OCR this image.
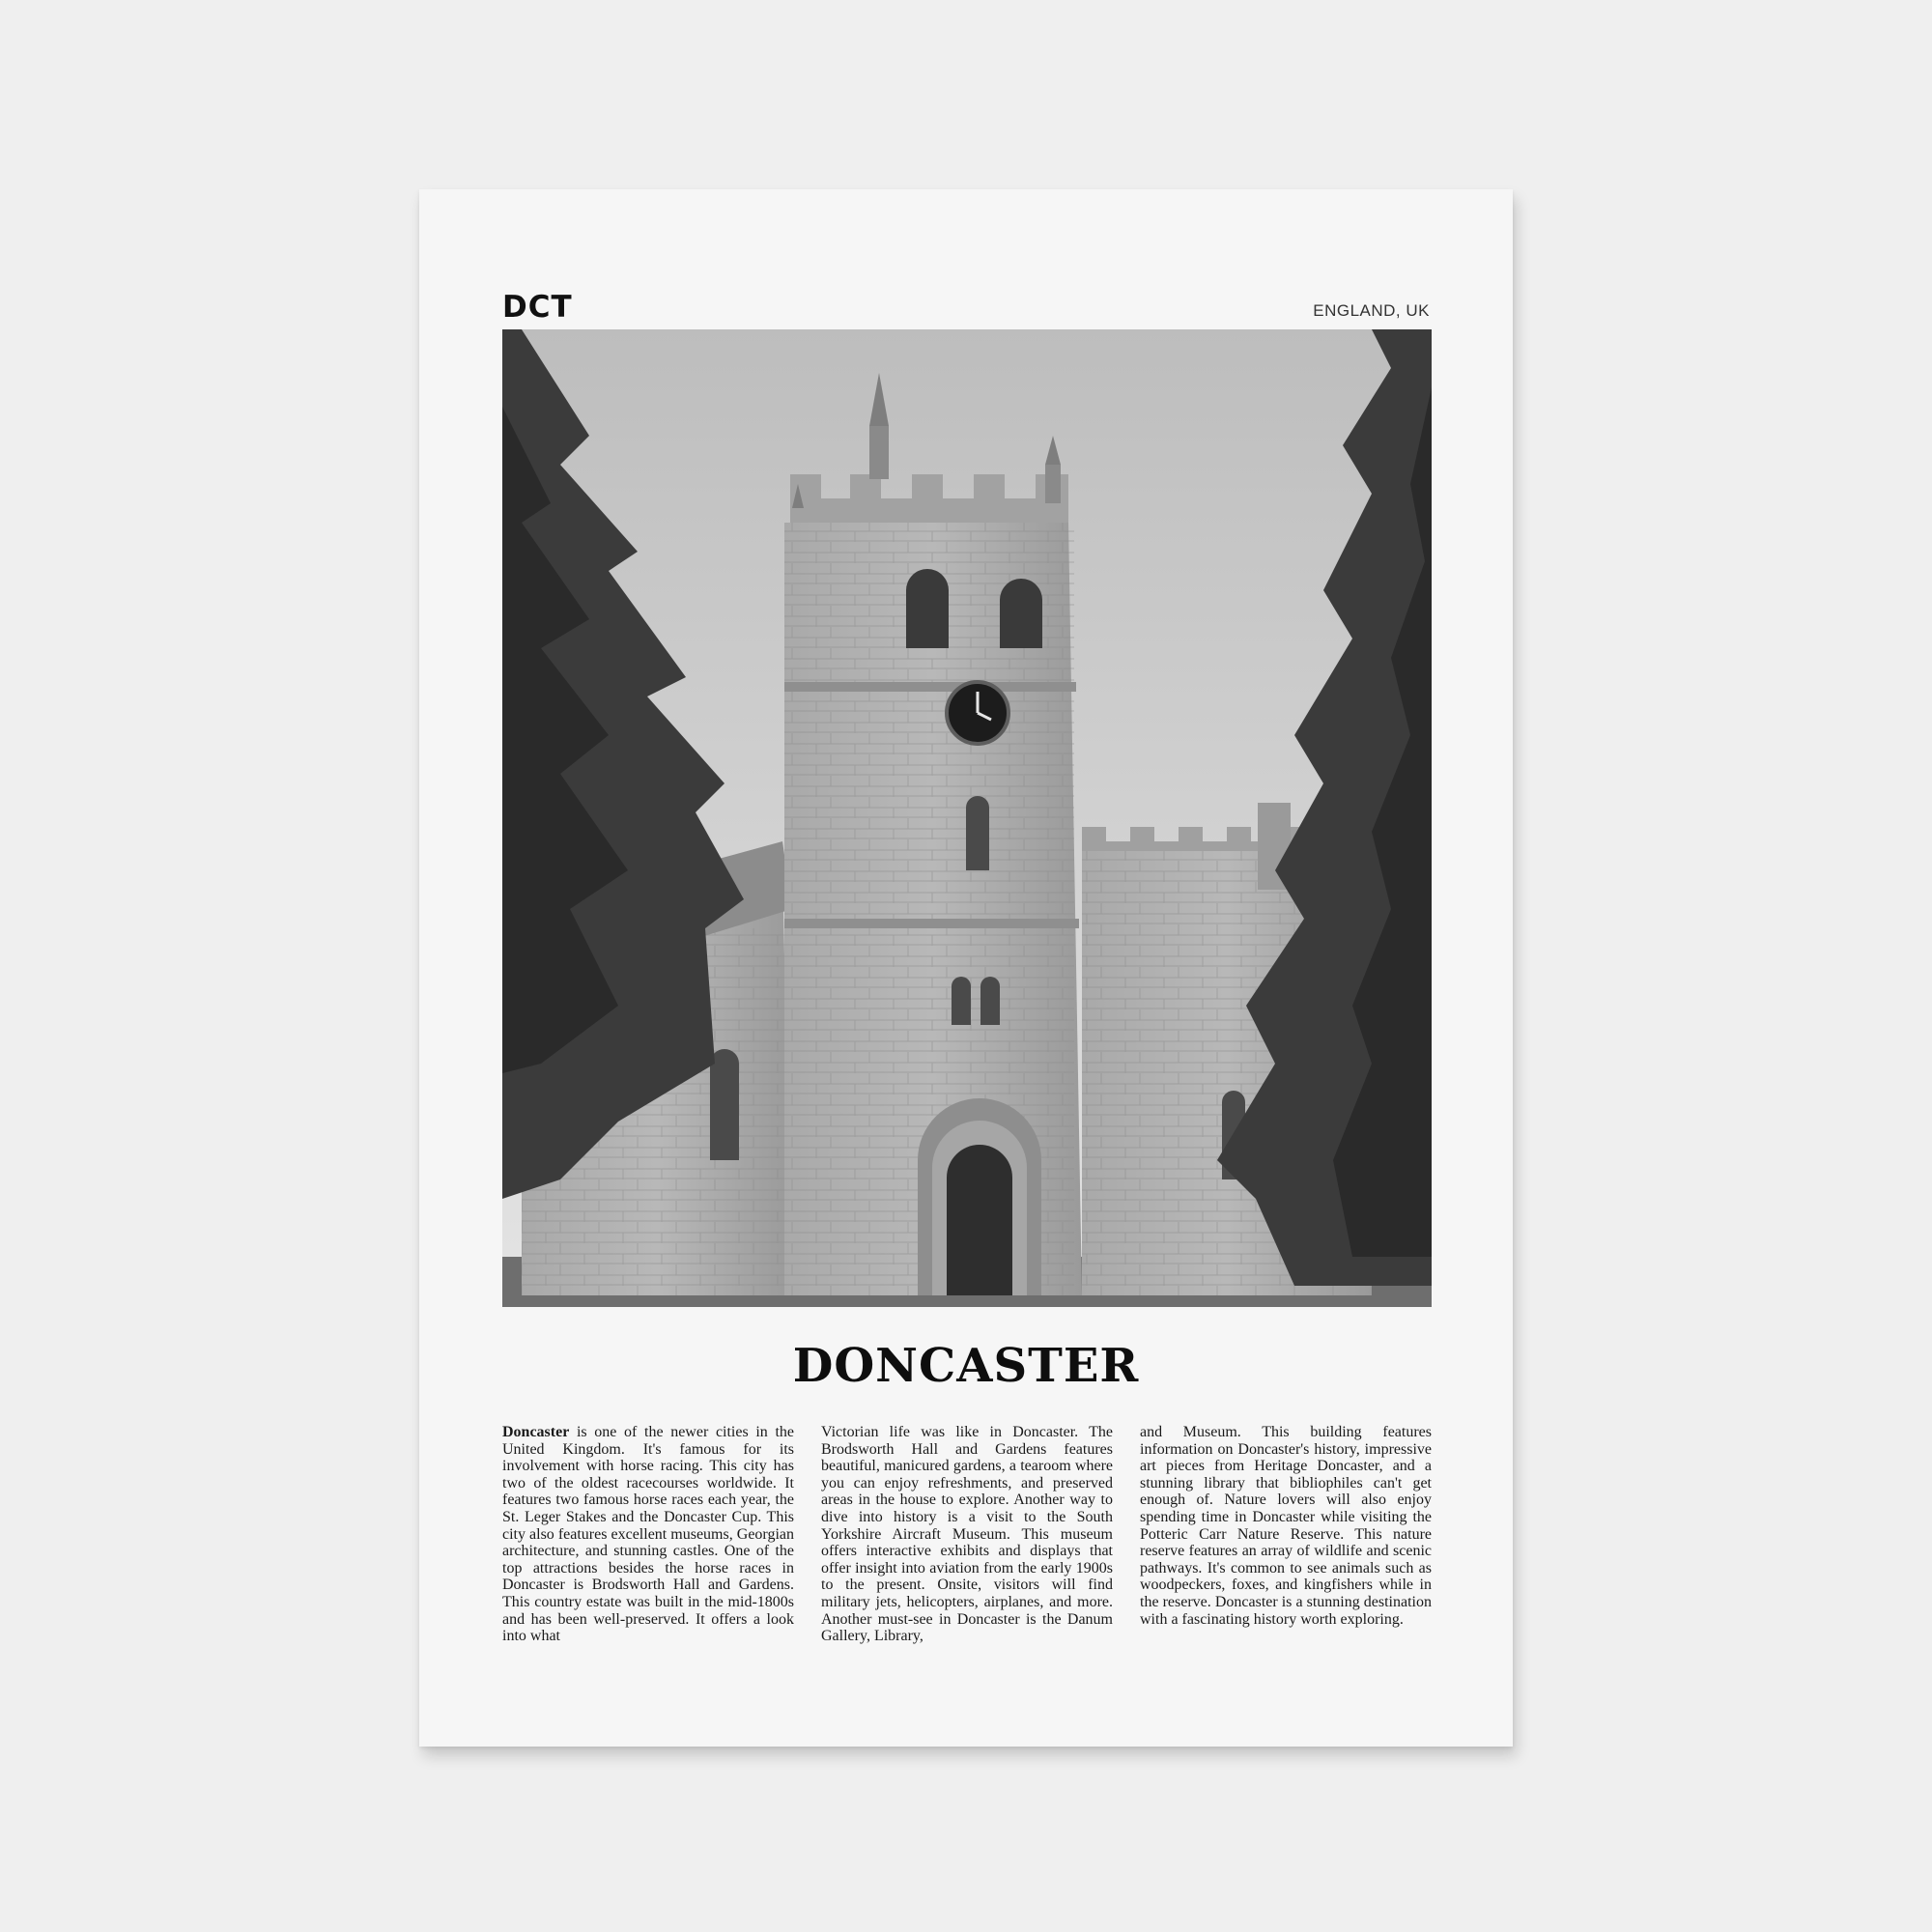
DCT	ENGLAND, UK
DONCASTER

Doncaster is one of the newer cities in the United Kingdom. It's famous for its involvement with horse racing. This city has two of the oldest racecourses worldwide. It features two famous horse races each year, the St. Leger Stakes and the Doncaster Cup. This city also features excellent museums, Georgian architecture, and stunning castles. One of the top attractions besides the horse races in Doncaster is Brodsworth Hall and Gardens. This country estate was built in the mid-1800s and has been well-preserved. It offers a look into what

Victorian life was like in Doncaster. The Brodsworth Hall and Gardens features beautiful, manicured gardens, a tearoom where you can enjoy refreshments, and preserved areas in the house to explore. Another way to dive into history is a visit to the South Yorkshire Aircraft Museum. This museum offers interactive exhibits and displays that offer insight into aviation from the early 1900s to the present. Onsite, visitors will find military jets, helicopters, airplanes, and more. Another must-see in Doncaster is the Danum Gallery, Library,

and Museum. This building features information on Doncaster's history, impressive art pieces from Heritage Doncaster, and a stunning library that bibliophiles can't get enough of. Nature lovers will also enjoy spending time in Doncaster while visiting the Potteric Carr Nature Reserve. This nature reserve features an array of wildlife and scenic pathways. It's common to see animals such as woodpeckers, foxes, and kingfishers while in the reserve. Doncaster is a stunning destination with a fascinating history worth exploring.
